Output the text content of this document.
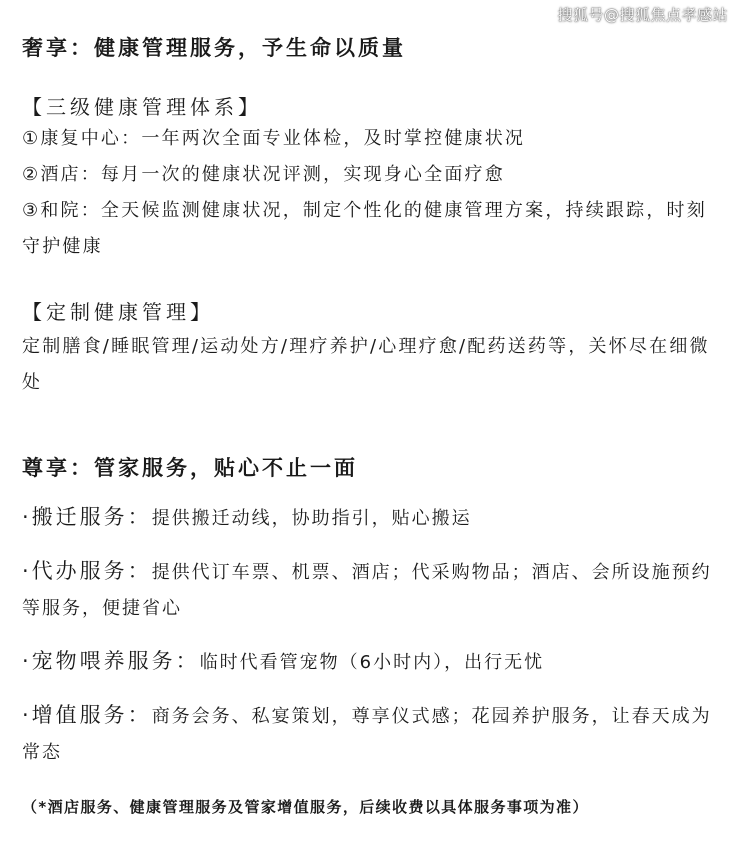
搜狐号@搜狐焦点孝感站
奢享：健康管理服务，予生命以质量
【三级健康管理体系】
①康复中心：一年两次全面专业体检，及时掌控健康状况
②酒店：每月一次的健康状况评测，实现身心全面疗愈
③和院：全天候监测健康状况，制定个性化的健康管理方案，持续跟踪，时刻守护健康
【定制健康管理】
定制膳食/睡眠管理/运动处方/理疗养护/心理疗愈/配药送药等，关怀尽在细微处
尊享：管家服务，贴心不止一面
·搬迁服务：提供搬迁动线，协助指引，贴心搬运
·代办服务：提供代订车票、机票、酒店；代采购物品；酒店、会所设施预约等服务，便捷省心
·宠物喂养服务：临时代看管宠物（6小时内），出行无忧
·增值服务：商务会务、私宴策划，尊享仪式感；花园养护服务，让春天成为常态
（*酒店服务、健康管理服务及管家增值服务，后续收费以具体服务事项为准）
